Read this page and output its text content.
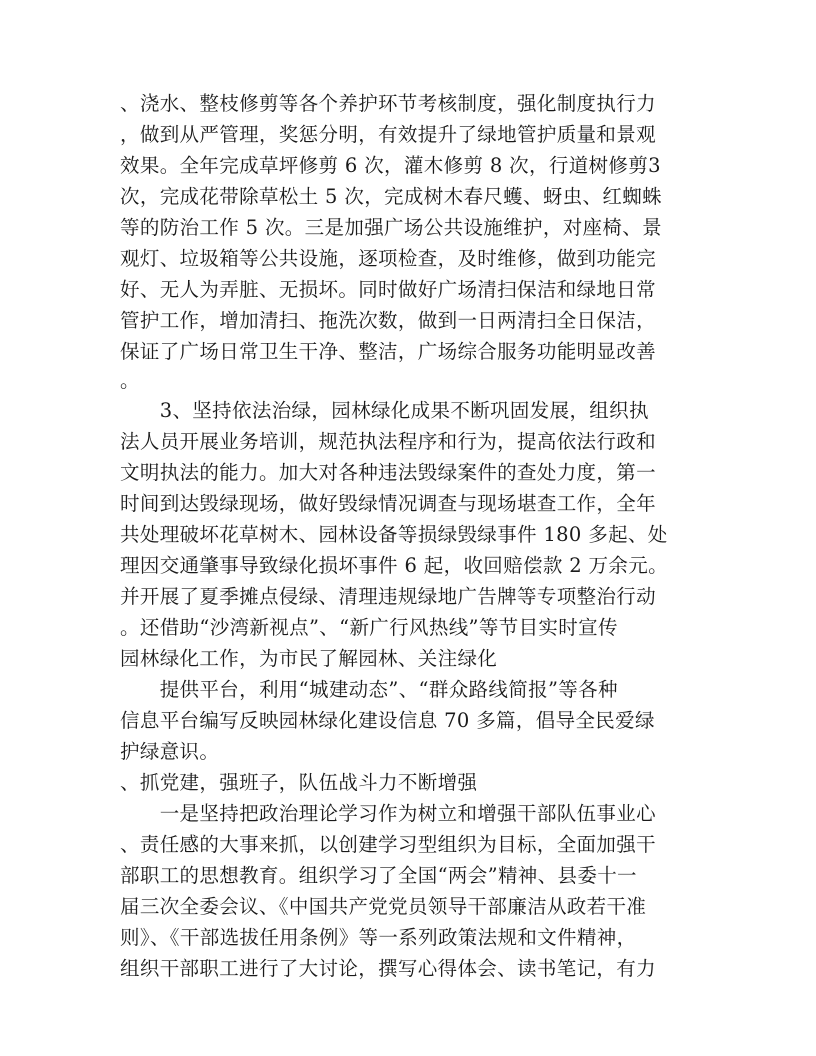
、浇水、整枝修剪等各个养护环节考核制度，强化制度执行力
，做到从严管理，奖惩分明，有效提升了绿地管护质量和景观
效果。全年完成草坪修剪 6 次，灌木修剪 8 次，行道树修剪3
次，完成花带除草松土 5 次，完成树木春尺蠖、蚜虫、红蜘蛛
等的防治工作 5 次。三是加强广场公共设施维护，对座椅、景
观灯、垃圾箱等公共设施，逐项检查，及时维修，做到功能完
好、无人为弄脏、无损坏。同时做好广场清扫保洁和绿地日常
管护工作，增加清扫、拖洗次数，做到一日两清扫全日保洁，
保证了广场日常卫生干净、整洁，广场综合服务功能明显改善
。
　　3、坚持依法治绿，园林绿化成果不断巩固发展，组织执
法人员开展业务培训，规范执法程序和行为，提高依法行政和
文明执法的能力。加大对各种违法毁绿案件的查处力度，第一
时间到达毁绿现场，做好毁绿情况调查与现场堪查工作，全年
共处理破坏花草树木、园林设备等损绿毁绿事件 180 多起、处
理因交通肇事导致绿化损坏事件 6 起，收回赔偿款 2 万余元。
并开展了夏季摊点侵绿、清理违规绿地广告牌等专项整治行动
。还借助“沙湾新视点”、“新广行风热线”等节目实时宣传
园林绿化工作，为市民了解园林、关注绿化
　　提供平台，利用“城建动态”、“群众路线简报”等各种
信息平台编写反映园林绿化建设信息 70 多篇，倡导全民爱绿
护绿意识。
、抓党建，强班子，队伍战斗力不断增强
　　一是坚持把政治理论学习作为树立和增强干部队伍事业心
、责任感的大事来抓，以创建学习型组织为目标，全面加强干
部职工的思想教育。组织学习了全国“两会”精神、县委十一
届三次全委会议、《中国共产党党员领导干部廉洁从政若干准
则》、《干部选拔任用条例》等一系列政策法规和文件精神，
组织干部职工进行了大讨论，撰写心得体会、读书笔记，有力
